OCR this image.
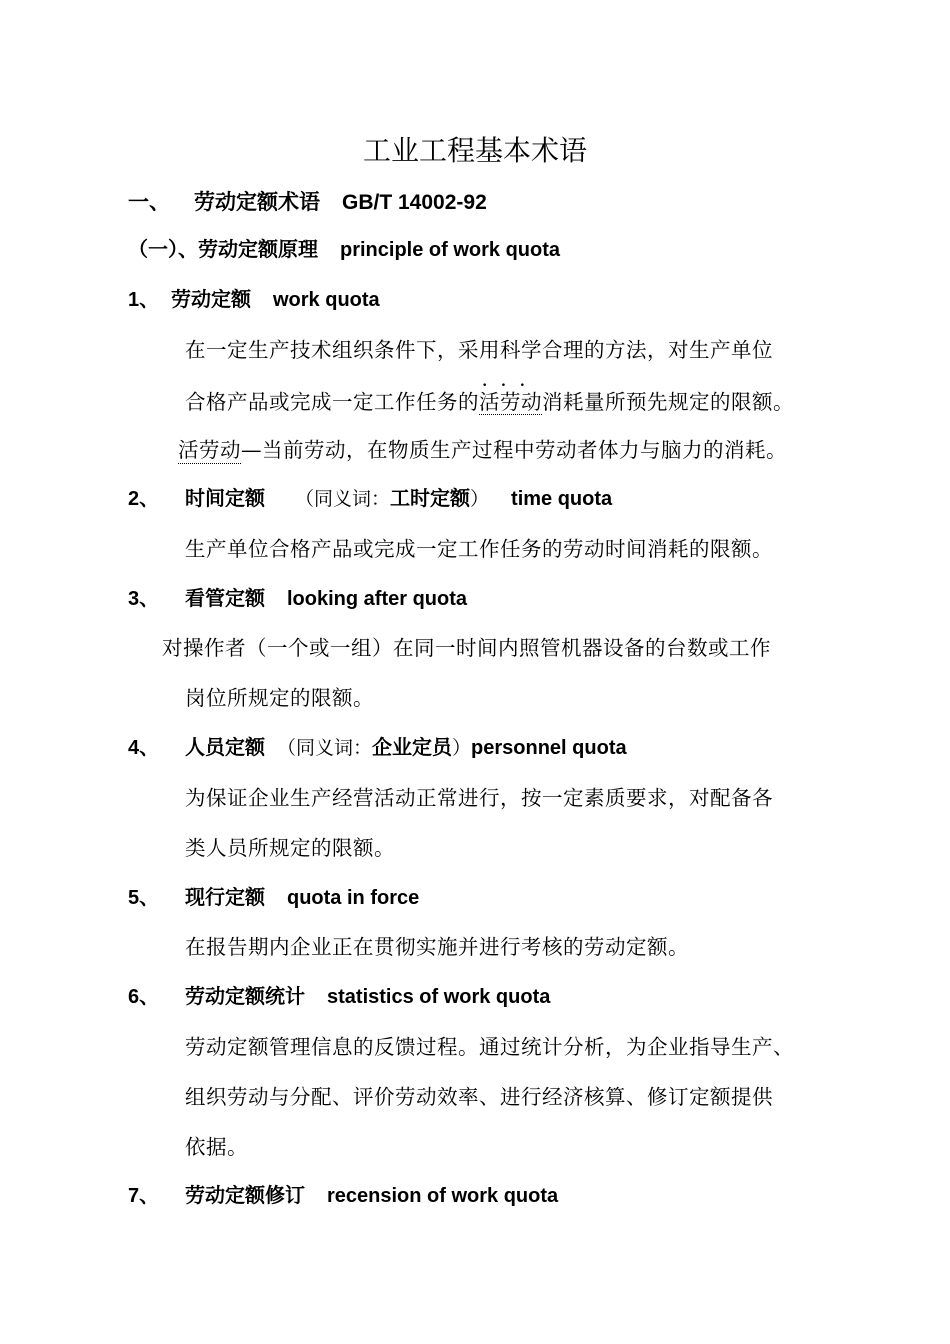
工业工程基本术语
一、 劳动定额术语 GB/T 14002-92
（一）、劳动定额原理 principle of work quota
1、 劳动定额 work quota
在一定生产技术组织条件下，采用科学合理的方法，对生产单位
合格产品或完成一定工作任务的
...
活劳动消耗量所预先规定的限额。
活劳动—当前劳动，在物质生产过程中劳动者体力与脑力的消耗。
2、 时间定额 （同义词：工时定额） time quota
生产单位合格产品或完成一定工作任务的劳动时间消耗的限额。
3、 看管定额 looking after quota
对操作者（一个或一组）在同一时间内照管机器设备的台数或工作
岗位所规定的限额。
4、 人员定额 （同义词：企业定员）personnel quota
为保证企业生产经营活动正常进行，按一定素质要求，对配备各
类人员所规定的限额。
5、 现行定额 quota in force
在报告期内企业正在贯彻实施并进行考核的劳动定额。
6、 劳动定额统计 statistics of work quota
劳动定额管理信息的反馈过程。通过统计分析，为企业指导生产、
组织劳动与分配、评价劳动效率、进行经济核算、修订定额提供
依据。
7、 劳动定额修订 recension of work quota
